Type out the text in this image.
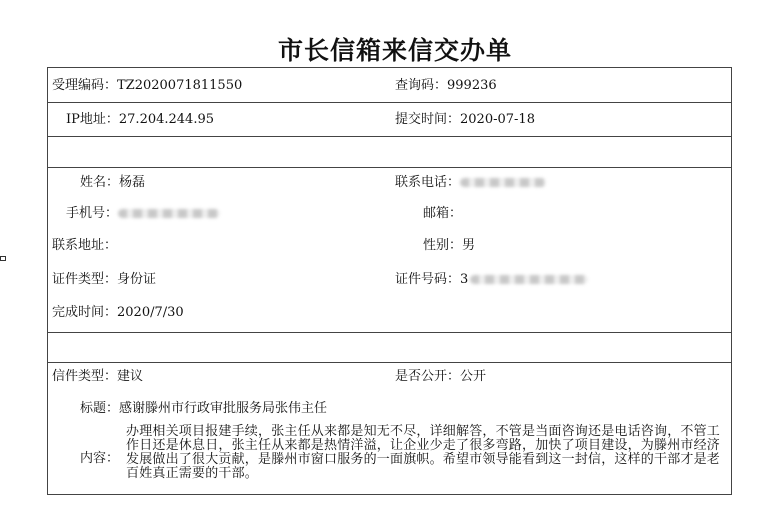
市长信箱来信交办单
受理编码：TZ2020071811550	查询码：999236
IP地址：27.204.244.95	提交时间：2020-07-18
姓名：杨磊	联系电话：
手机号：	邮箱：
联系地址：	性别：男
证件类型：身份证	证件号码：3
完成时间：2020/7/30
信件类型：建议	是否公开：公开
标题：感谢滕州市行政审批服务局张伟主任
内容：
办理相关项目报建手续，张主任从来都是知无不尽，详细解答，不管是当面咨询还是电话咨询，不管工作日还是休息日，张主任从来都是热情洋溢，让企业少走了很多弯路，加快了项目建设，为滕州市经济发展做出了很大贡献，是滕州市窗口服务的一面旗帜。希望市领导能看到这一封信，这样的干部才是老百姓真正需要的干部。
